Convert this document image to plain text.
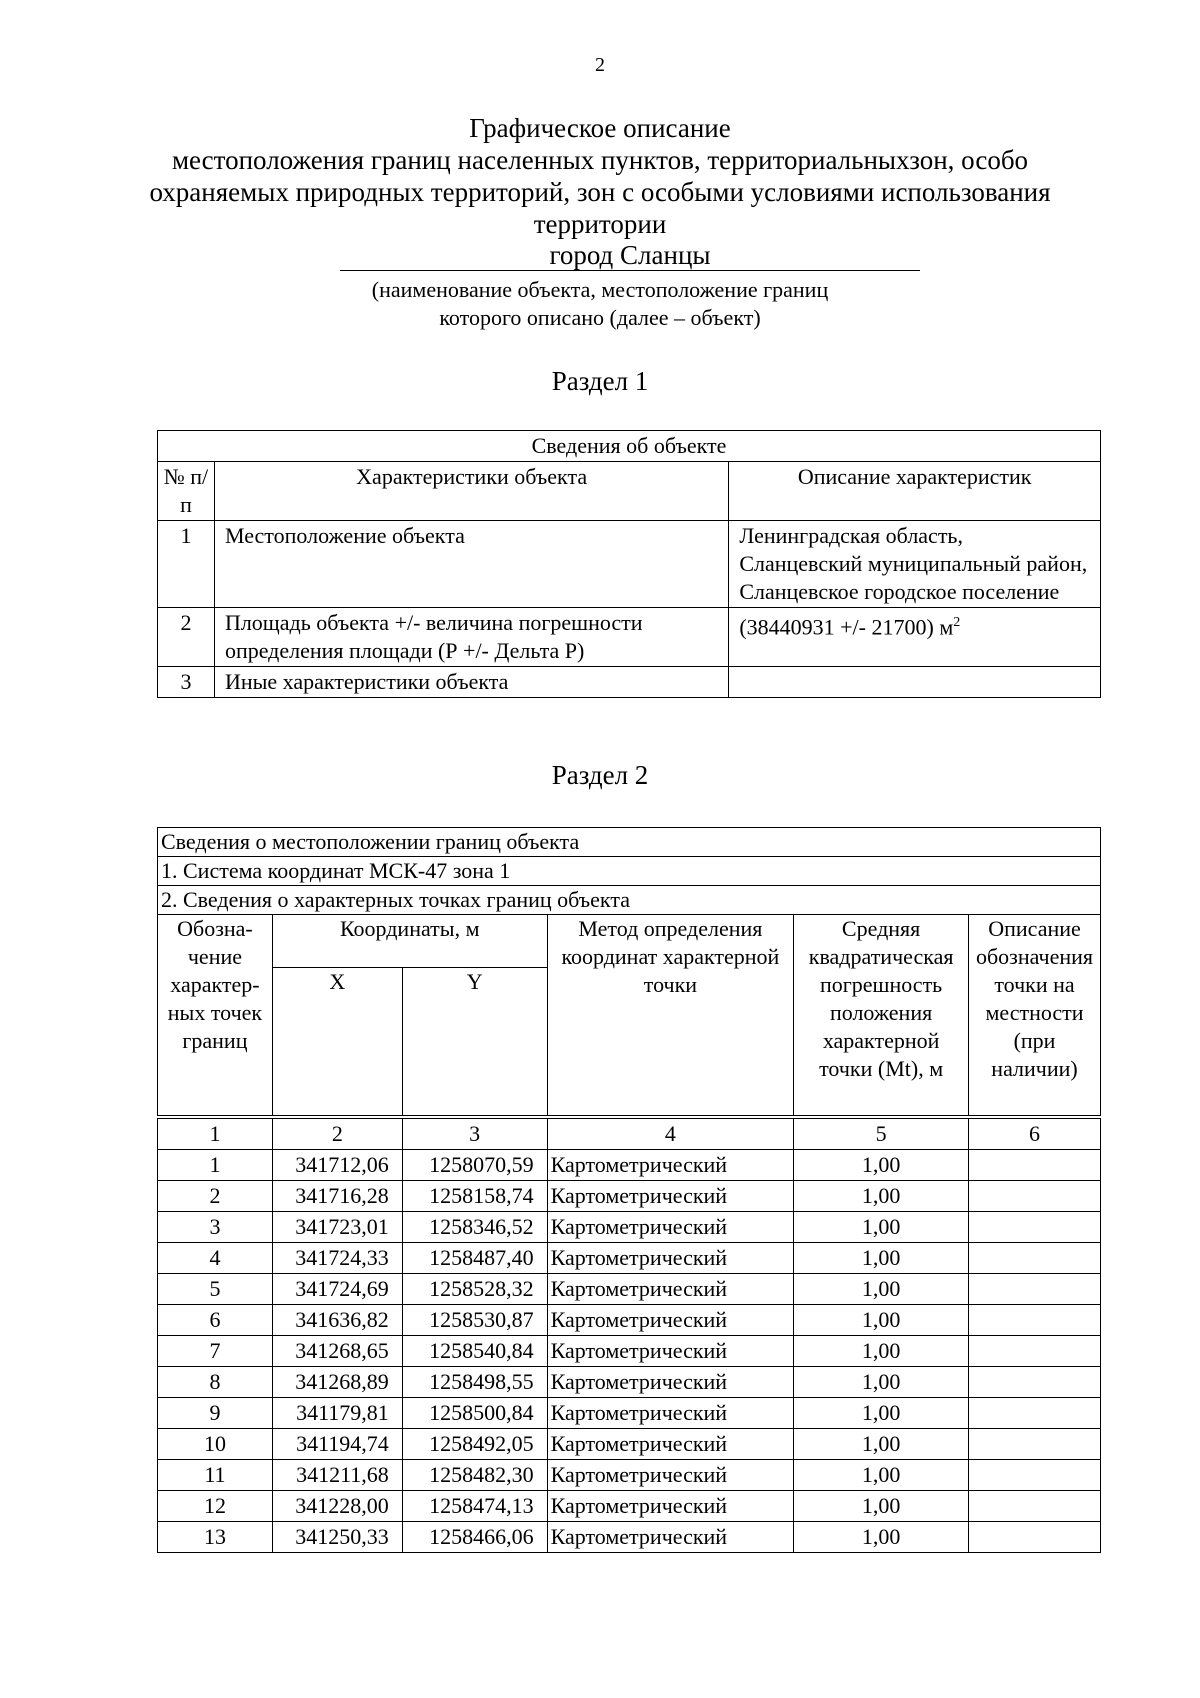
2
Графическое описание
местоположения границ населенных пунктов, территориальныхзон, особо
охраняемых природных территорий, зон с особыми условиями использования
территории
город Сланцы
(наименование объекта, местоположение границ
которого описано (далее – объект)
Раздел 1
Сведения об объекте		
№ п/п	Характеристики объекта	Описание характеристик
1	Местоположение объекта	Ленинградская область, Сланцевский муниципальный район, Сланцевское городское поселение
2	Площадь объекта +/- величина погрешности определения площади (Р +/- Дельта Р)	(38440931 +/- 21700) $м^2$
3	Иные характеристики объекта	
Раздел 2
Сведения о местоположении границ объекта					
1. Система координат МСК-47 зона 1					
2. Сведения о характерных точках границ объекта					
Обозна-чение характер-ных точек границ	Координаты, м		Метод определения координат характерной точки	Средняя квадратическая погрешность положения характерной точки (Mt), м	Описание обозначения точки на местности (при наличии)
	X	Y			

1	2	3	4	5	6
1	341712,06	1258070,59	Картометрический	1,00	
2	341716,28	1258158,74	Картометрический	1,00	
3	341723,01	1258346,52	Картометрический	1,00	
4	341724,33	1258487,40	Картометрический	1,00	
5	341724,69	1258528,32	Картометрический	1,00	
6	341636,82	1258530,87	Картометрический	1,00	
7	341268,65	1258540,84	Картометрический	1,00	
8	341268,89	1258498,55	Картометрический	1,00	
9	341179,81	1258500,84	Картометрический	1,00	
10	341194,74	1258492,05	Картометрический	1,00	
11	341211,68	1258482,30	Картометрический	1,00	
12	341228,00	1258474,13	Картометрический	1,00	
13	341250,33	1258466,06	Картометрический	1,00	
